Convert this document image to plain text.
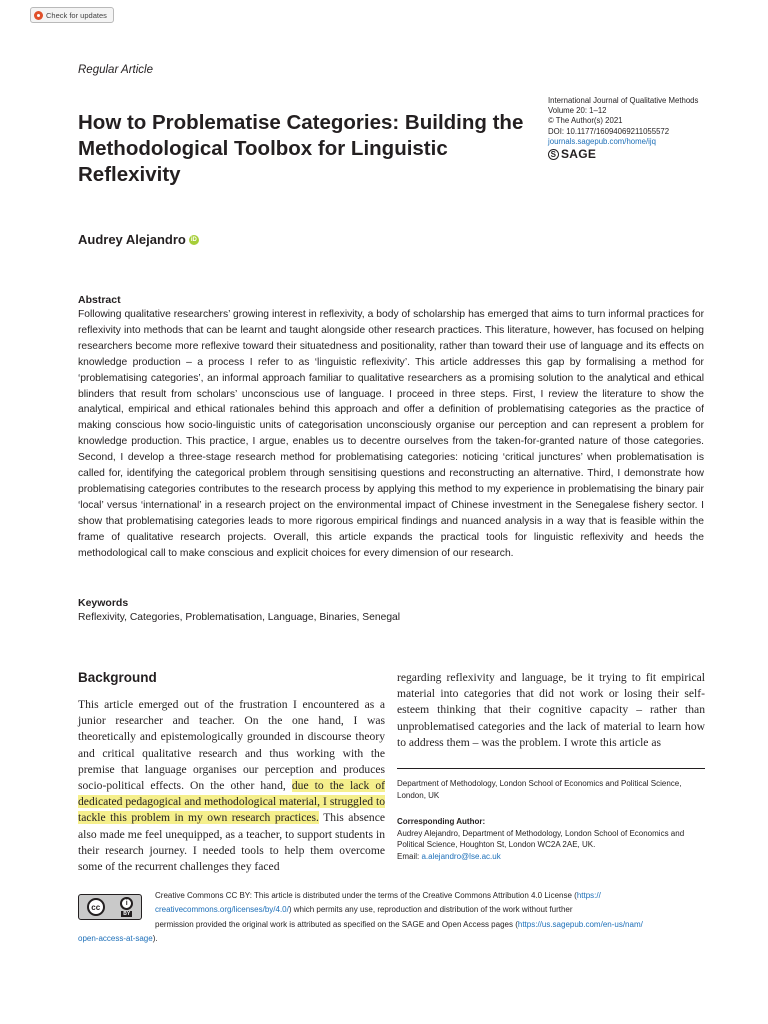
Check for updates
Regular Article
How to Problematise Categories: Building the Methodological Toolbox for Linguistic Reflexivity
International Journal of Qualitative Methods
Volume 20: 1–12
© The Author(s) 2021
DOI: 10.1177/16094069211055572
journals.sagepub.com/home/ijq
S SAGE
Audrey Alejandro iD
Abstract

Following qualitative researchers’ growing interest in reflexivity, a body of scholarship has emerged that aims to turn informal practices for reflexivity into methods that can be learnt and taught alongside other research practices. This literature, however, has focused on helping researchers become more reflexive toward their situatedness and positionality, rather than toward their use of language and its effects on knowledge production – a process I refer to as ‘linguistic reflexivity’. This article addresses this gap by formalising a method for ‘problematising categories’, an informal approach familiar to qualitative researchers as a promising solution to the analytical and ethical blinders that result from scholars’ unconscious use of language. I proceed in three steps. First, I review the literature to show the analytical, empirical and ethical rationales behind this approach and offer a definition of problematising categories as the practice of making conscious how socio-linguistic units of categorisation unconsciously organise our perception and can represent a problem for knowledge production. This practice, I argue, enables us to decentre ourselves from the taken-for-granted nature of those categories. Second, I develop a three-stage research method for problematising categories: noticing ‘critical junctures’ when problematisation is called for, identifying the categorical problem through sensitising questions and reconstructing an alternative. Third, I demonstrate how problematising categories contributes to the research process by applying this method to my experience in problematising the binary pair ‘local’ versus ‘international’ in a research project on the environmental impact of Chinese investment in the Senegalese fishery sector. I show that problematising categories leads to more rigorous empirical findings and nuanced analysis in a way that is feasible within the frame of qualitative research projects. Overall, this article expands the practical tools for linguistic reflexivity and heeds the methodological call to make conscious and explicit choices for every dimension of our research.

Keywords
Reflexivity, Categories, Problematisation, Language, Binaries, Senegal
Background

This article emerged out of the frustration I encountered as a junior researcher and teacher. On the one hand, I was theoretically and epistemologically grounded in discourse theory and critical qualitative research and thus working with the premise that language organises our perception and produces socio-political effects. On the other hand, due to the lack of dedicated pedagogical and methodological material, I struggled to tackle this problem in my own research practices. This absence also made me feel unequipped, as a teacher, to support students in their research journey. I needed tools to help them overcome some of the recurrent challenges they faced

regarding reflexivity and language, be it trying to fit empirical material into categories that did not work or losing their self-esteem thinking that their cognitive capacity – rather than unproblematised categories and the lack of material to learn how to address them – was the problem. I wrote this article as

Department of Methodology, London School of Economics and Political Science, London, UK
Corresponding Author:
Audrey Alejandro, Department of Methodology, London School of Economics and Political Science, Houghton St, London WC2A 2AE, UK.
Email: a.alejandro@lse.ac.uk
cc	i
BY
Creative Commons CC BY: This article is distributed under the terms of the Creative Commons Attribution 4.0 License (https://
creativecommons.org/licenses/by/4.0/) which permits any use, reproduction and distribution of the work without further
permission provided the original work is attributed as specified on the SAGE and Open Access pages (https://us.sagepub.com/en-us/nam/
open-access-at-sage).
